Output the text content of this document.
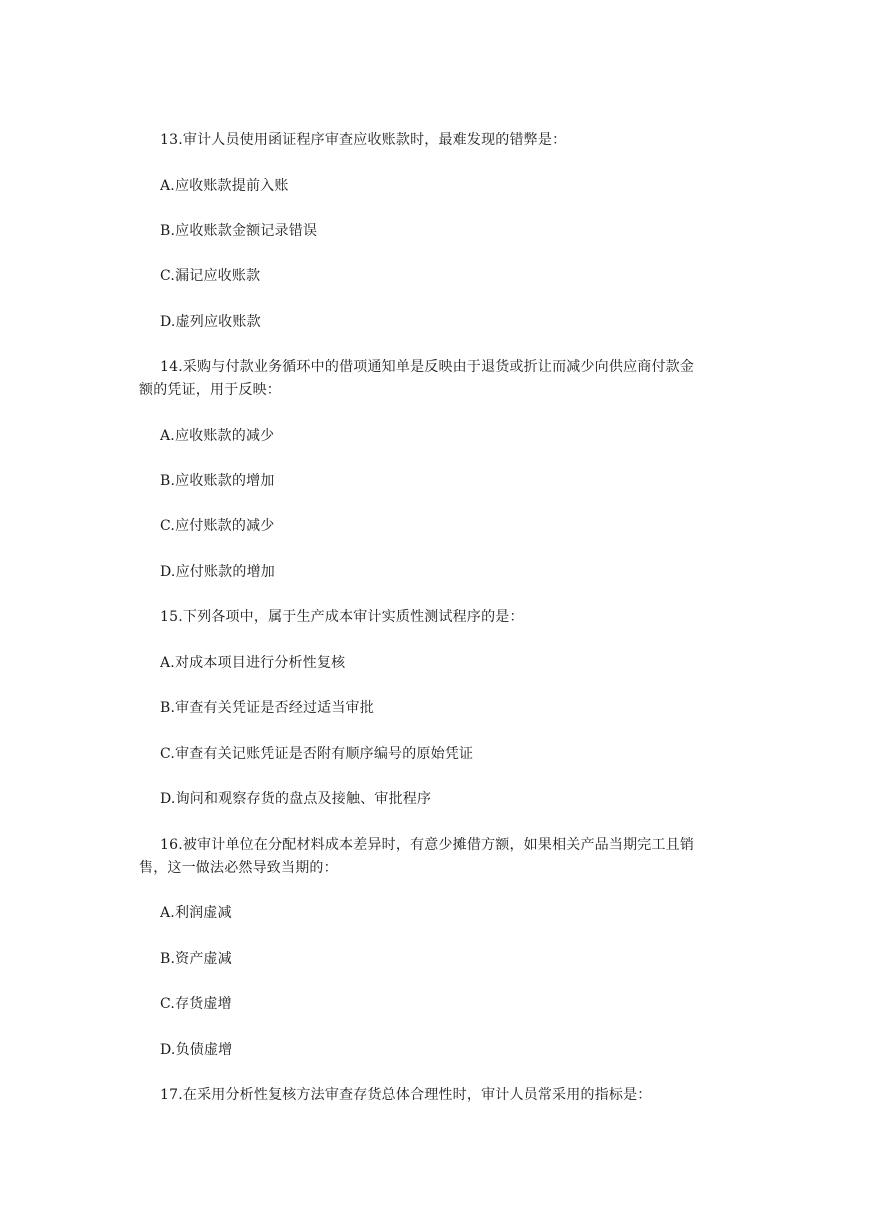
13.审计人员使用函证程序审查应收账款时，最难发现的错弊是：
A.应收账款提前入账
B.应收账款金额记录错误
C.漏记应收账款
D.虚列应收账款
14.采购与付款业务循环中的借项通知单是反映由于退货或折让而减少向供应商付款金
额的凭证，用于反映：
A.应收账款的减少
B.应收账款的增加
C.应付账款的减少
D.应付账款的增加
15.下列各项中，属于生产成本审计实质性测试程序的是：
A.对成本项目进行分析性复核
B.审查有关凭证是否经过适当审批
C.审查有关记账凭证是否附有顺序编号的原始凭证
D.询问和观察存货的盘点及接触、审批程序
16.被审计单位在分配材料成本差异时，有意少摊借方额，如果相关产品当期完工且销
售，这一做法必然导致当期的：
A.利润虚减
B.资产虚减
C.存货虚增
D.负债虚增
17.在采用分析性复核方法审查存货总体合理性时，审计人员常采用的指标是：
